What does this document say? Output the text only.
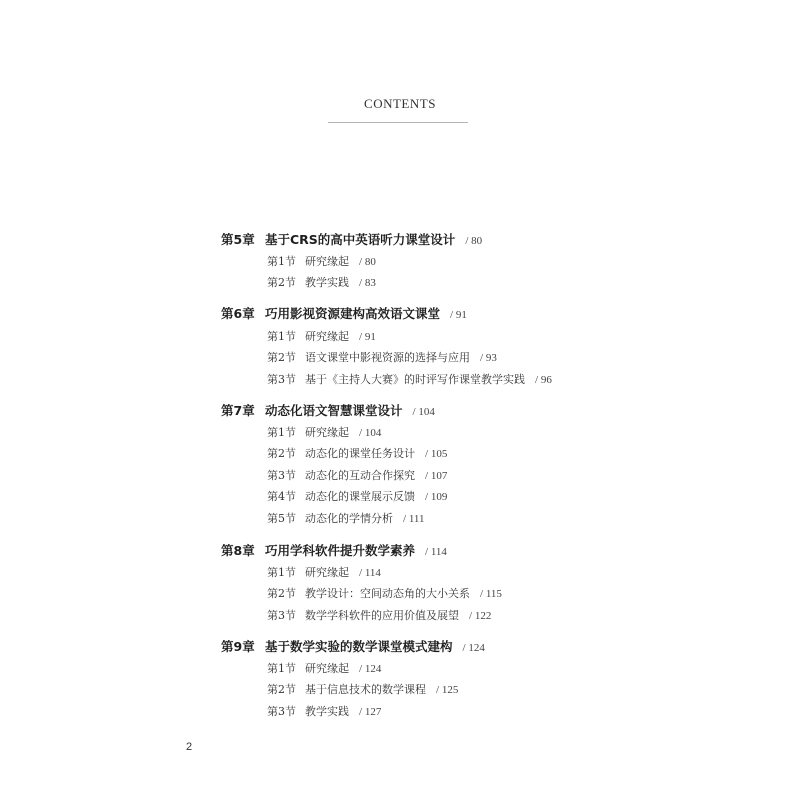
CONTENTS
第5章 基于CRS的高中英语听力课堂设计 / 80
第1节 研究缘起 / 80
第2节 教学实践 / 83
第6章 巧用影视资源建构高效语文课堂 / 91
第1节 研究缘起 / 91
第2节 语文课堂中影视资源的选择与应用 / 93
第3节 基于《主持人大赛》的时评写作课堂教学实践 / 96
第7章 动态化语文智慧课堂设计 / 104
第1节 研究缘起 / 104
第2节 动态化的课堂任务设计 / 105
第3节 动态化的互动合作探究 / 107
第4节 动态化的课堂展示反馈 / 109
第5节 动态化的学情分析 / 111
第8章 巧用学科软件提升数学素养 / 114
第1节 研究缘起 / 114
第2节 教学设计：空间动态角的大小关系 / 115
第3节 数学学科软件的应用价值及展望 / 122
第9章 基于数学实验的数学课堂模式建构 / 124
第1节 研究缘起 / 124
第2节 基于信息技术的数学课程 / 125
第3节 教学实践 / 127
2
